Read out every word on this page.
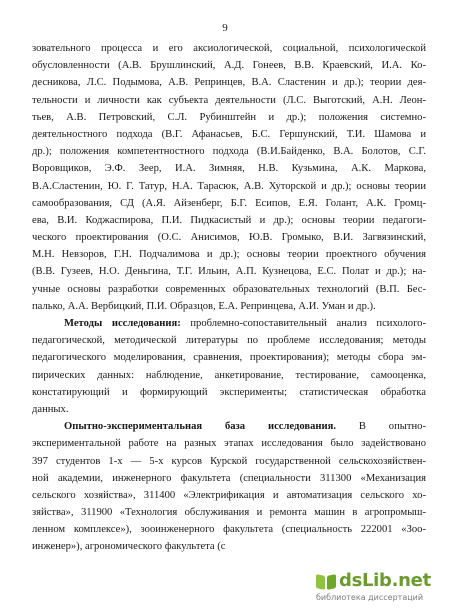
9
зовательного процесса и его аксиологической, социальной, психологической
обусловленности (А.В. Брушлинский, А.Д. Гонеев, В.В. Краевский, И.А. Ко-
десникова, Л.С. Подымова, А.В. Репринцев, В.А. Сластенин и др.); теории дея-
тельности и личности как субъекта деятельности (Л.С. Выготский, А.Н. Леон-
тьев, А.В. Петровский, С.Л. Рубинштейн и др.); положения системно-
деятельностного подхода (В.Г. Афанасьев, Б.С. Гершунский, Т.И. Шамова и
др.); положения компетентностного подхода (В.И.Байденко, В.А. Болотов, С.Г.
Воровщиков, Э.Ф. Зеер, И.А. Зимняя, Н.В. Кузьмина, А.К. Маркова,
В.А.Сластенин, Ю. Г. Татур, Н.А. Тарасюк, А.В. Хуторской и др.); основы теории
самообразования, СД (А.Я. Айзенберг, Б.Г. Есипов, Е.Я. Голант, А.К. Громц-
ева, В.И. Коджаспирова, П.И. Пидкасистый и др.); основы теории педагоги-
ческого проектирования (О.С. Анисимов, Ю.В. Громыко, В.И. Загвязинский,
М.Н. Невзоров, Г.Н. Подчалимова и др.); основы теории проектного обучения
(В.В. Гузеев, Н.О. Деньгина, Т.Г. Ильин, А.П. Кузнецова, Е.С. Полат и др.); на-
учные основы разработки современных образовательных технологий (В.П. Бес-
палько, А.А. Вербицкий, П.И. Образцов, Е.А. Репринцева, А.И. Уман и др.).
Методы исследования: проблемно-сопоставительный анализ психолого-
педагогической, методической литературы по проблеме исследования; методы
педагогического моделирования, сравнения, проектирования); методы сбора эм-
пирических данных: наблюдение, анкетирование, тестирование, самооценка,
констатирующий и формирующий эксперименты; статистическая обработка
данных.
Опытно-экспериментальная база исследования. В опытно-
экспериментальной работе на разных этапах исследования было задействовано
397 студентов 1-х — 5-х курсов Курской государственной сельскохозяйствен-
ной академии, инженерного факультета (специальности 311300 «Механизация
сельского хозяйства», 311400 «Электрификация и автоматизация сельского хо-
зяйства», 311900 «Технология обслуживания и ремонта машин в агропромыш-
ленном комплексе»), зооинженерного факультета (специальность 222001 «Зоо-
инженер»), агрономического факультета (с
dsLib.net
библиотека диссертаций
